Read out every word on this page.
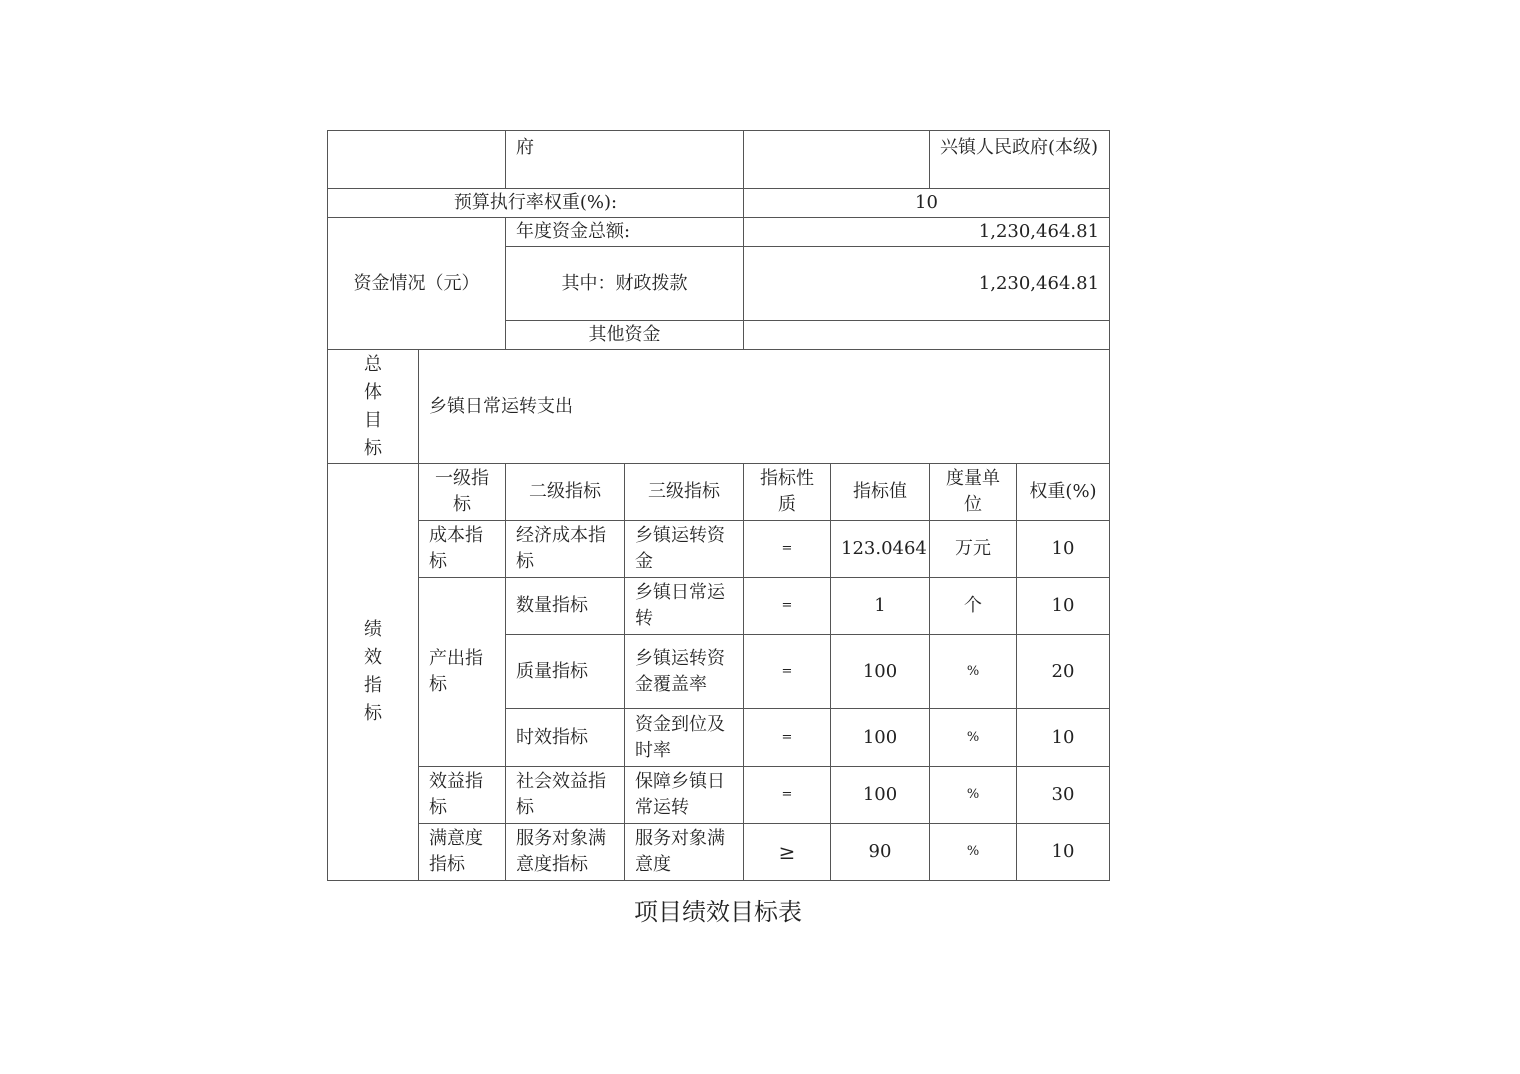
		府				兴镇人民政府(本级)	
预算执行率权重(%):				10			
资金情况（元）		年度资金总额:		1,230,464.81			
		其中：财政拨款		1,230,464.81			
		其他资金					

总体目标	乡镇日常运转支出						

绩效指标	一级指标	二级指标	三级指标	指标性质	指标值	度量单位	权重(%)
	成本指标	经济成本指标	乡镇运转资金	=	123.0464	万元	10
	产出指标	数量指标	乡镇日常运转	=	1	个	10
		质量指标	乡镇运转资金覆盖率	=	100	%	20
		时效指标	资金到位及时率	=	100	%	10
	效益指标	社会效益指标	保障乡镇日常运转	=	100	%	30
	满意度指标	服务对象满意度指标	服务对象满意度	≥	90	%	10
项目绩效目标表
